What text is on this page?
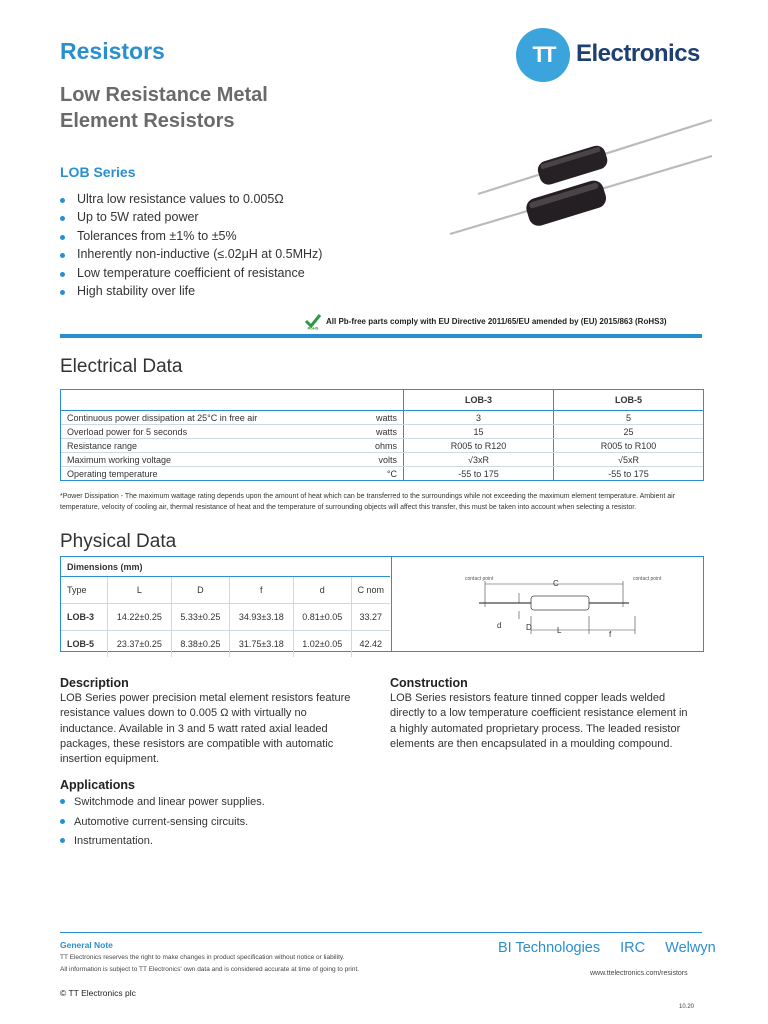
Resistors
Low Resistance Metal
Element Resistors
TT Electronics
LOB Series
Ultra low resistance values to 0.005Ω
Up to 5W rated power
Tolerances from ±1% to ±5%
Inherently non-inductive (≤.02μH at 0.5MHz)
Low temperature coefficient of resistance
High stability over life
RoHS
All Pb-free parts comply with EU Directive 2011/65/EU amended by (EU) 2015/863 (RoHS3)
Electrical Data
		LOB-3	LOB-5
Continuous power dissipation at 25°C in free air	watts	3	5
Overload power for 5 seconds	watts	15	25
Resistance range	ohms	R005 to R120	R005 to R100
Maximum working voltage	volts	√3xR	√5xR
Operating temperature	°C	-55 to 175	-55 to 175
*Power Dissipation - The maximum wattage rating depends upon the amount of heat which can be transferred to the surroundings while not exceeding the maximum element temperature. Ambient air temperature, velocity of cooling air, thermal resistance of heat and the temperature of surrounding objects will affect this transfer, this must be taken into account when selecting a resistor.
Physical Data
Dimensions (mm)					
Type	L	D	f	d	C nom
LOB-3	14.22±0.25	5.33±0.25	34.93±3.18	0.81±0.05	33.27
LOB-5	23.37±0.25	8.38±0.25	31.75±3.18	1.02±0.05	42.42
contact point	contact point
C
d	D	L	f
Description
LOB Series power precision metal element resistors feature
resistance values down to 0.005 Ω with virtually no
inductance. Available in 3 and 5 watt rated axial leaded
packages, these resistors are compatible with automatic
insertion equipment.
Construction
LOB Series resistors feature tinned copper leads welded
directly to a low temperature coefficient resistance element in
a highly automated proprietary process. The leaded resistor
elements are then encapsulated in a moulding compound.
Applications
Switchmode and linear power supplies.
Automotive current-sensing circuits.
Instrumentation.
General Note
TT Electronics reserves the right to make changes in product specification without notice or liability.
All information is subject to TT Electronics' own data and is considered accurate at time of going to print.
© TT Electronics plc
BI Technologies IRC Welwyn
www.ttelectronics.com/resistors
10.20
